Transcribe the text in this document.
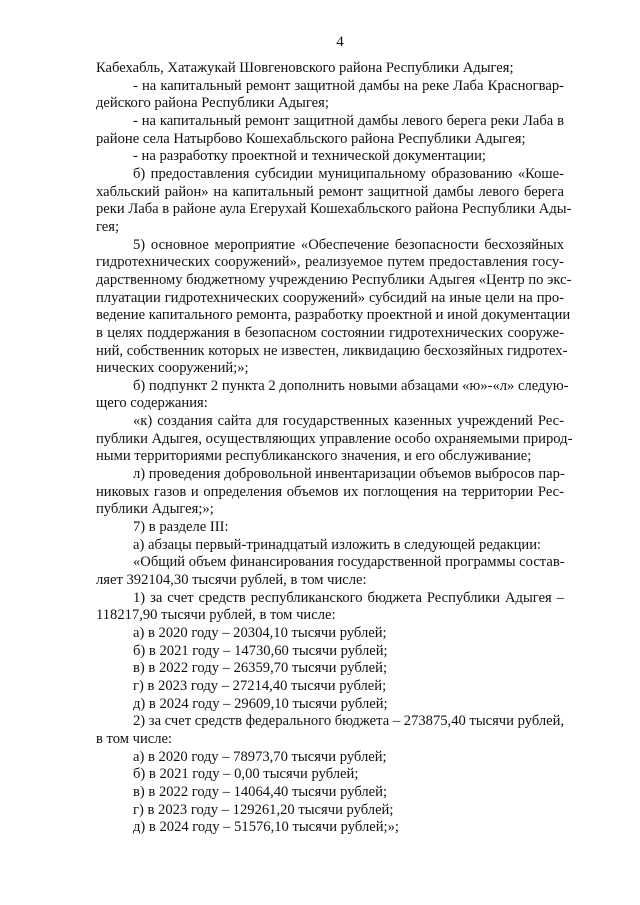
4
Кабехабль, Хатажукай Шовгеновского района Республики Адыгея;
- на капитальный ремонт защитной дамбы на реке Лаба Красногвар-
дейского района Республики Адыгея;
- на капитальный ремонт защитной дамбы левого берега реки Лаба в
районе села Натырбово Кошехабльского района Республики Адыгея;
- на разработку проектной и технической документации;
б) предоставления субсидии муниципальному образованию «Коше-
хабльский район» на капитальный ремонт защитной дамбы левого берега
реки Лаба в районе аула Егерухай Кошехабльского района Республики Ады-
гея;
5) основное мероприятие «Обеспечение безопасности бесхозяйных
гидротехнических сооружений», реализуемое путем предоставления госу-
дарственному бюджетному учреждению Республики Адыгея «Центр по экс-
плуатации гидротехнических сооружений» субсидий на иные цели на про-
ведение капитального ремонта, разработку проектной и иной документации
в целях поддержания в безопасном состоянии гидротехнических сооруже-
ний, собственник которых не известен, ликвидацию бесхозяйных гидротех-
нических сооружений;»;
б) подпункт 2 пункта 2 дополнить новыми абзацами «ю»-«л» следую-
щего содержания:
«к) создания сайта для государственных казенных учреждений Рес-
публики Адыгея, осуществляющих управление особо охраняемыми природ-
ными территориями республиканского значения, и его обслуживание;
л) проведения добровольной инвентаризации объемов выбросов пар-
никовых газов и определения объемов их поглощения на территории Рес-
публики Адыгея;»;
7) в разделе III:
а) абзацы первый-тринадцатый изложить в следующей редакции:
«Общий объем финансирования государственной программы состав-
ляет 392104,30 тысячи рублей, в том числе:
1) за счет средств республиканского бюджета Республики Адыгея –
118217,90 тысячи рублей, в том числе:
а) в 2020 году – 20304,10 тысячи рублей;
б) в 2021 году – 14730,60 тысячи рублей;
в) в 2022 году – 26359,70 тысячи рублей;
г) в 2023 году – 27214,40 тысячи рублей;
д) в 2024 году – 29609,10 тысячи рублей;
2) за счет средств федерального бюджета – 273875,40 тысячи рублей,
в том числе:
а) в 2020 году – 78973,70 тысячи рублей;
б) в 2021 году – 0,00 тысячи рублей;
в) в 2022 году – 14064,40 тысячи рублей;
г) в 2023 году – 129261,20 тысячи рублей;
д) в 2024 году – 51576,10 тысячи рублей;»;
